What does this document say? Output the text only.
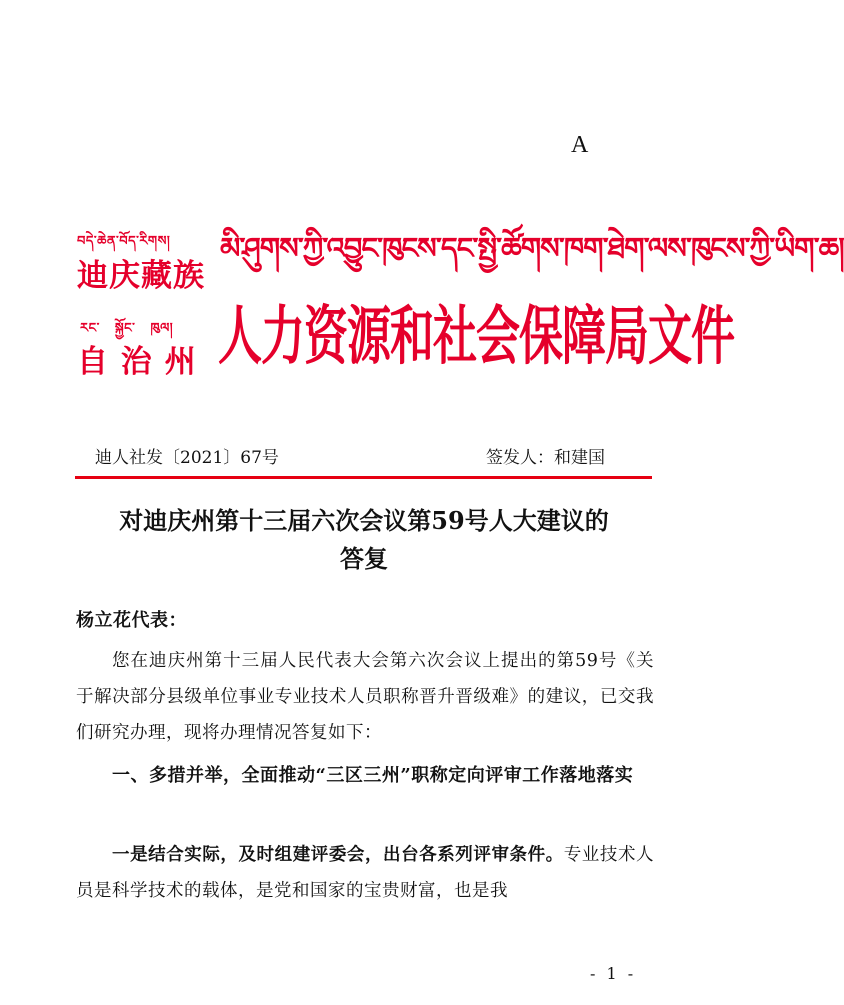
A
བདེ་ཆེན་བོད་རིགས།
迪庆藏族
རང་   སྐྱོང་   ཁུལ།
自 治 州
མི་ཤུགས་ཀྱི་འབྱུང་ཁུངས་དང་སྤྱི་ཚོགས་ཁག་ཐེག་ལས་ཁུངས་ཀྱི་ཡིག་ཆ།
人力资源和社会保障局文件
迪人社发〔2021〕67号	签发人：和建国
对迪庆州第十三届六次会议第59号人大建议的
答复
杨立花代表：
您在迪庆州第十三届人民代表大会第六次会议上提出的第59号《关于解决部分县级单位事业专业技术人员职称晋升晋级难》的建议，已交我们研究办理，现将办理情况答复如下：
一、多措并举，全面推动“三区三州”职称定向评审工作落地落实
一是结合实际，及时组建评委会，出台各系列评审条件。专业技术人员是科学技术的载体，是党和国家的宝贵财富，也是我
- 1 -
